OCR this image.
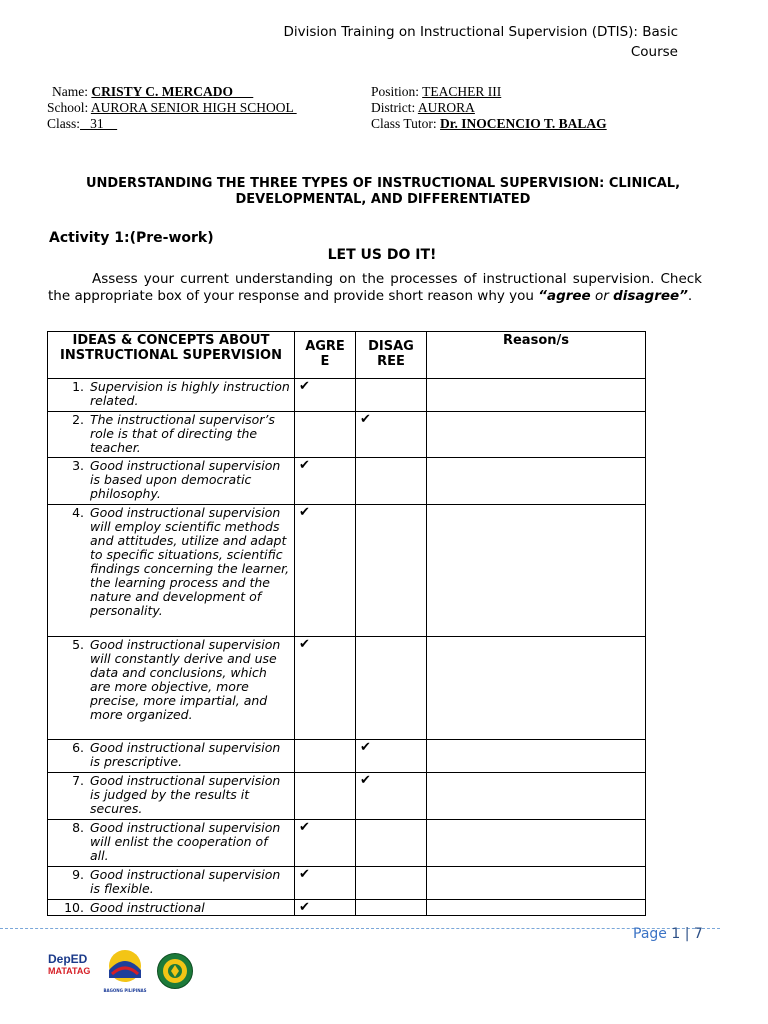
Division Training on Instructional Supervision (DTIS): Basic
Course
Name: CRISTY C. MERCADO
School: AURORA SENIOR HIGH SCHOOL
Class:   31
Position: TEACHER III
District: AURORA
Class Tutor: Dr. INOCENCIO T. BALAG
UNDERSTANDING THE THREE TYPES OF INSTRUCTIONAL SUPERVISION: CLINICAL, DEVELOPMENTAL, AND DIFFERENTIATED
Activity 1:(Pre-work)
LET US DO IT!
Assess your current understanding on the processes of instructional supervision. Check the appropriate box of your response and provide short reason why you “agree or disagree”.
IDEAS & CONCEPTS ABOUT INSTRUCTIONAL SUPERVISION	AGRE E	DISAG REE	Reason/s

1. Supervision is highly instruction related.	✔		

2. The instructional supervisor’s role is that of directing the teacher.		✔	

3. Good instructional supervision is based upon democratic philosophy.	✔		

4. Good instructional supervision will employ scientific methods and attitudes, utilize and adapt to specific situations, scientific findings concerning the learner, the learning process and the nature and development of personality.	✔		

5. Good instructional supervision will constantly derive and use data and conclusions, which are more objective, more precise, more impartial, and more organized.	✔		

6. Good instructional supervision is prescriptive.		✔	

7. Good instructional supervision is judged by the results it secures.		✔	

8. Good instructional supervision will enlist the cooperation of all.	✔		

9. Good instructional supervision is flexible.	✔		

10. Good instructional	✔		

Page 1 | 7
DepED
MATATAG
BAGONG PILIPINAS
